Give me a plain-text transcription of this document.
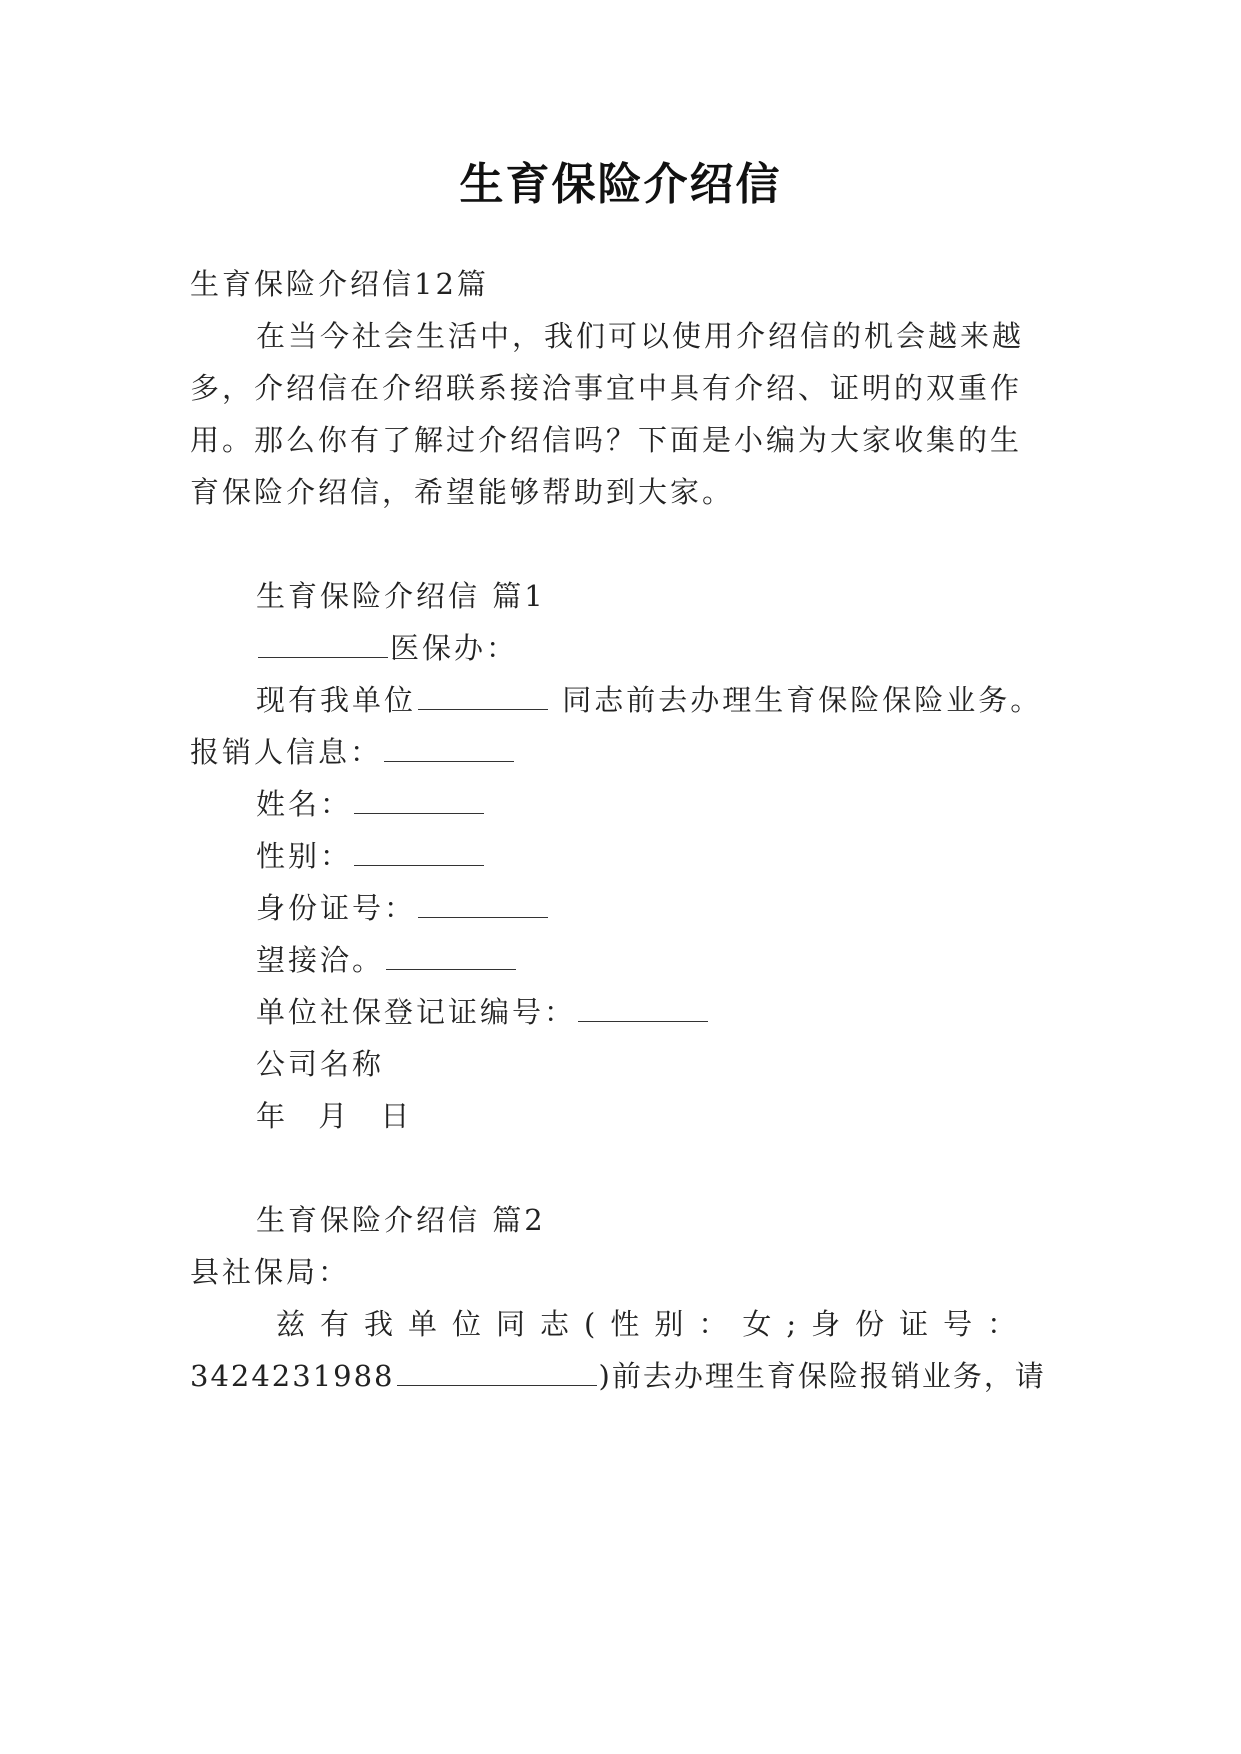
生育保险介绍信

生育保险介绍信12篇

在当今社会生活中，我们可以使用介绍信的机会越来越

多，介绍信在介绍联系接洽事宜中具有介绍、证明的双重作

用。那么你有了解过介绍信吗？下面是小编为大家收集的生

育保险介绍信，希望能够帮助到大家。

生育保险介绍信 篇1

医保办：

现有我单位	同志前去办理生育保险保险业务。

报销人信息：

姓名：

性别：

身份证号：

望接洽。

单位社保登记证编号：

公司名称

年 月 日

生育保险介绍信 篇2

县社保局：

兹有我单位同志(性别：女;身份证号：

3424231988	)前去办理生育保险报销业务，请
